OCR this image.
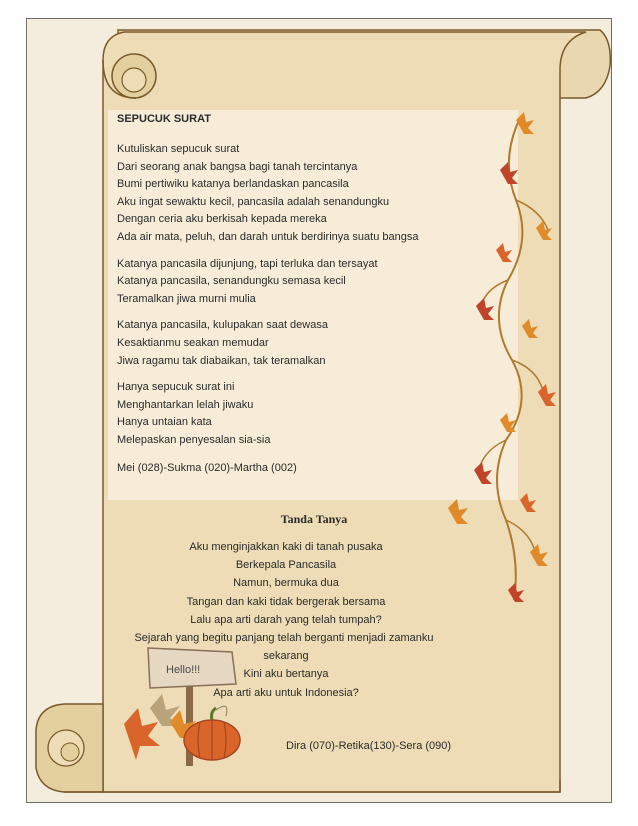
SEPUCUK SURAT
Kutuliskan sepucuk surat
Dari seorang anak bangsa bagi tanah tercintanya
Bumi pertiwiku katanya berlandaskan pancasila
Aku ingat sewaktu kecil, pancasila adalah senandungku
Dengan ceria aku berkisah kepada mereka
Ada air mata, peluh, dan darah untuk berdirinya suatu bangsa
Katanya pancasila dijunjung, tapi terluka dan tersayat
Katanya pancasila, senandungku semasa kecil
Teramalkan jiwa murni mulia
Katanya pancasila, kulupakan saat dewasa
Kesaktianmu seakan memudar
Jiwa ragamu tak diabaikan, tak teramalkan
Hanya sepucuk surat ini
Menghantarkan lelah jiwaku
Hanya untaian kata
Melepaskan penyesalan sia-sia
Mei (028)-Sukma (020)-Martha (002)
Tanda Tanya
Aku menginjakkan kaki di tanah pusaka
Berkepala Pancasila
Namun, bermuka dua
Tangan dan kaki tidak bergerak bersama
Lalu apa arti darah yang telah tumpah?
Sejarah yang begitu panjang telah berganti menjadi zamanku
sekarang
Kini aku bertanya
Apa arti aku untuk Indonesia?
Hello!!!
Dira (070)-Retika(130)-Sera (090)
